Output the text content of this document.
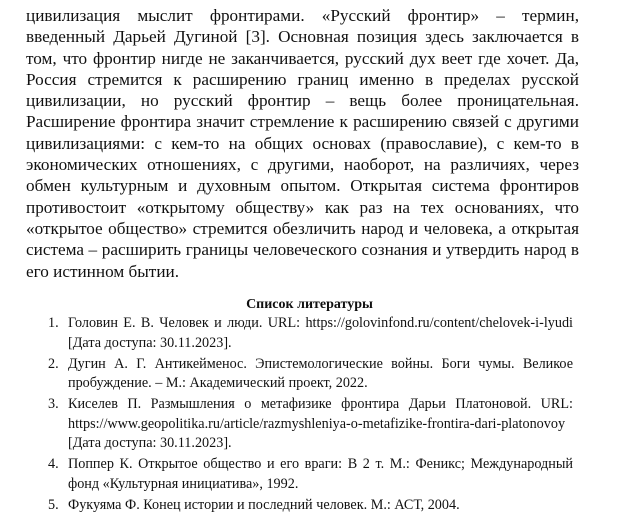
цивилизация мыслит фронтирами. «Русский фронтир» – термин, введенный Дарьей Дугиной [3]. Основная позиция здесь заключается в том, что фронтир нигде не заканчивается, русский дух веет где хочет. Да, Россия стремится к расширению границ именно в пределах русской цивилизации, но русский фронтир – вещь более проницательная. Расширение фронтира значит стремление к расширению связей с другими цивилизациями: с кем-то на общих основах (православие), с кем-то в экономических отношениях, с другими, наоборот, на различиях, через обмен культурным и духовным опытом. Открытая система фронтиров противостоит «открытому обществу» как раз на тех основаниях, что «открытое общество» стремится обезличить народ и человека, а открытая система – расширить границы человеческого сознания и утвердить народ в его истинном бытии.

Список литературы

1. Головин Е. В. Человек и люди. URL: https://golovinfond.ru/content/chelovek-i-lyudi [Дата доступа: 30.11.2023].
2. Дугин А. Г. Антикейменос. Эпистемологические войны. Боги чумы. Великое пробуждение. – М.: Академический проект, 2022.
3. Киселев П. Размышления о метафизике фронтира Дарьи Платоновой. URL: https://www.geopolitika.ru/article/razmyshleniya-o-metafizike-frontira-dari-platonovoy [Дата доступа: 30.11.2023].
4. Поппер К. Открытое общество и его враги: В 2 т. М.: Феникс; Международный фонд «Культурная инициатива», 1992.
5. Фукуяма Ф. Конец истории и последний человек. М.: АСТ, 2004.
